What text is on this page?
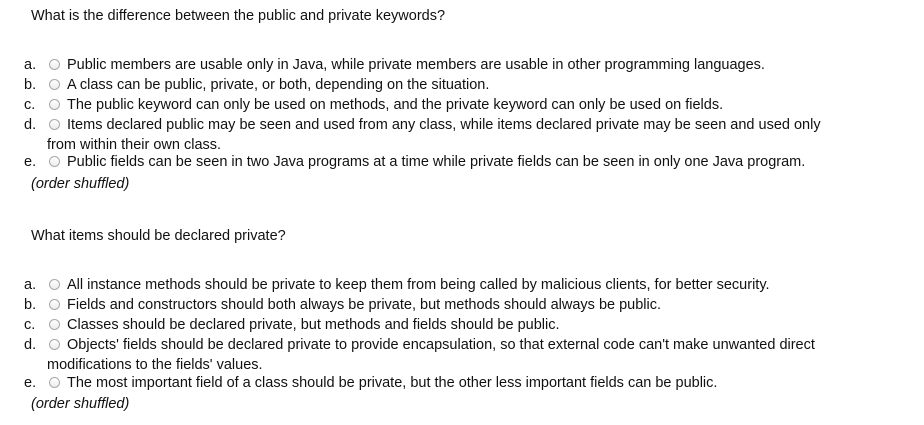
What is the difference between the public and private keywords?
a.	Public members are usable only in Java, while private members are usable in other programming languages.
b.	A class can be public, private, or both, depending on the situation.
c.	The public keyword can only be used on methods, and the private keyword can only be used on fields.
d.	Items declared public may be seen and used from any class, while items declared private may be seen and used only
from within their own class.
e.	Public fields can be seen in two Java programs at a time while private fields can be seen in only one Java program.
(order shuffled)
What items should be declared private?
a.	All instance methods should be private to keep them from being called by malicious clients, for better security.
b.	Fields and constructors should both always be private, but methods should always be public.
c.	Classes should be declared private, but methods and fields should be public.
d.	Objects' fields should be declared private to provide encapsulation, so that external code can't make unwanted direct
modifications to the fields' values.
e.	The most important field of a class should be private, but the other less important fields can be public.
(order shuffled)
